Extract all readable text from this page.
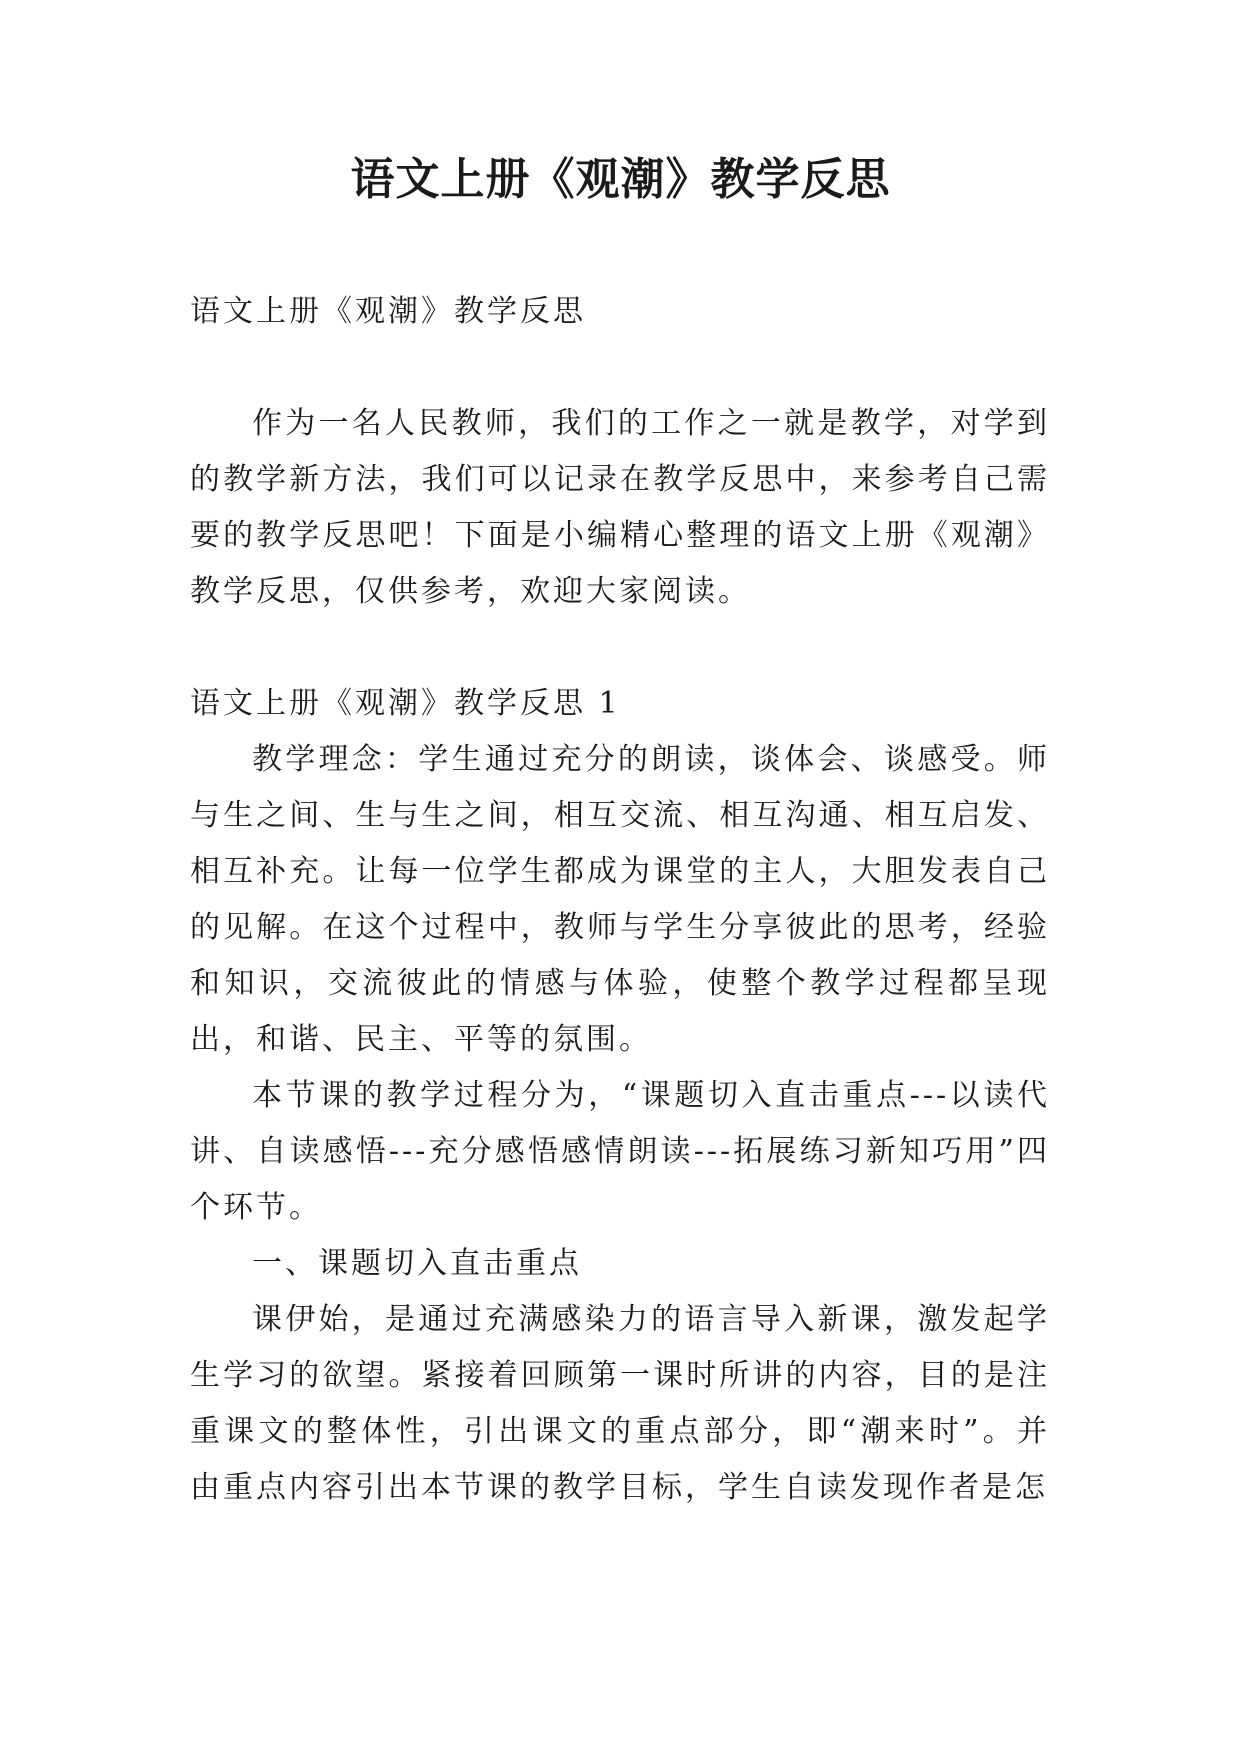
语文上册《观潮》教学反思

语文上册《观潮》教学反思

作为一名人民教师，我们的工作之一就是教学，对学到的教学新方法，我们可以记录在教学反思中，来参考自己需要的教学反思吧！下面是小编精心整理的语文上册《观潮》教学反思，仅供参考，欢迎大家阅读。

语文上册《观潮》教学反思 1

教学理念：学生通过充分的朗读，谈体会、谈感受。师与生之间、生与生之间，相互交流、相互沟通、相互启发、相互补充。让每一位学生都成为课堂的主人，大胆发表自己的见解。在这个过程中，教师与学生分享彼此的思考，经验和知识，交流彼此的情感与体验，使整个教学过程都呈现出，和谐、民主、平等的氛围。

本节课的教学过程分为，“课题切入直击重点---以读代讲、自读感悟---充分感悟感情朗读---拓展练习新知巧用”四个环节。

一、课题切入直击重点

课伊始，是通过充满感染力的语言导入新课，激发起学生学习的欲望。紧接着回顾第一课时所讲的内容，目的是注重课文的整体性，引出课文的重点部分，即“潮来时”。并由重点内容引出本节课的教学目标，学生自读发现作者是怎
